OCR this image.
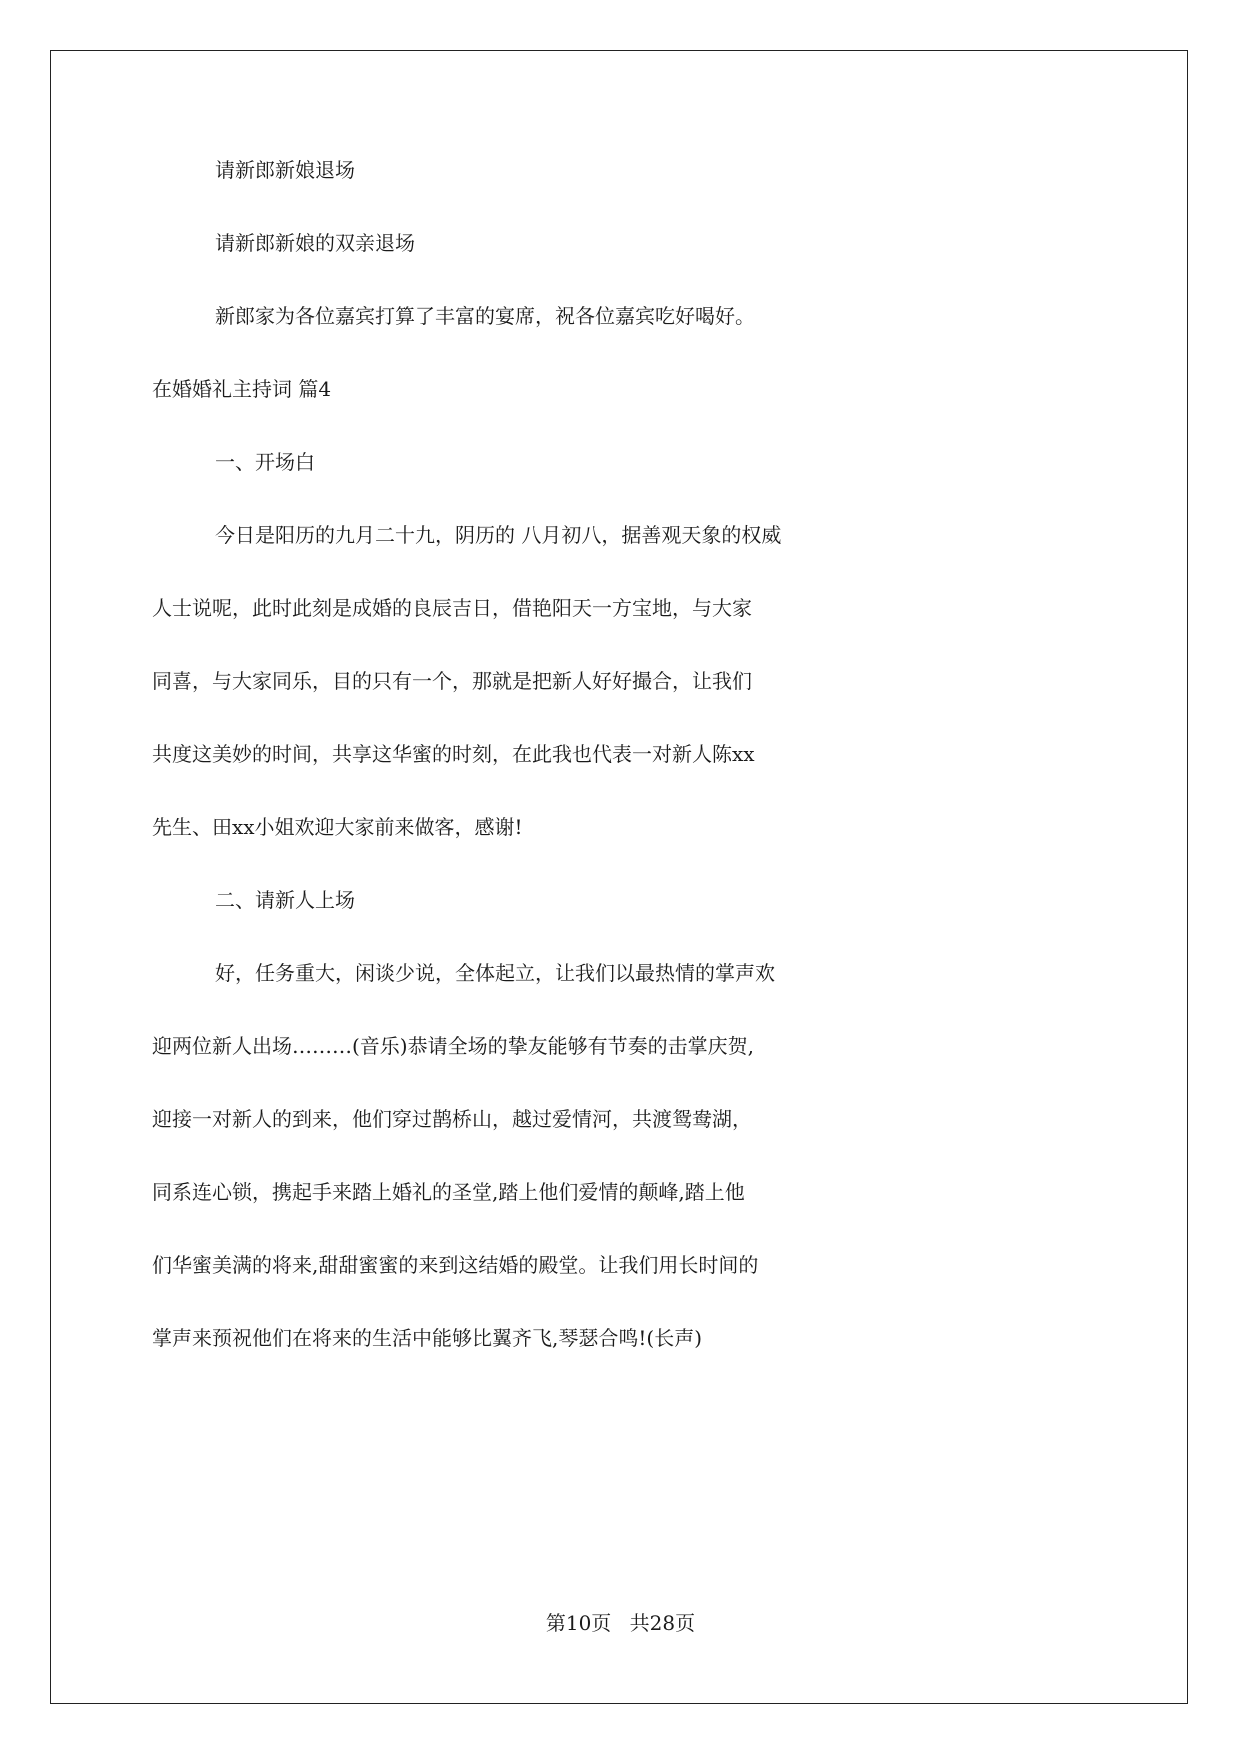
请新郎新娘退场
请新郎新娘的双亲退场
新郎家为各位嘉宾打算了丰富的宴席，祝各位嘉宾吃好喝好。
在婚婚礼主持词 篇4
一、开场白
今日是阳历的九月二十九，阴历的 八月初八，据善观天象的权威
人士说呢，此时此刻是成婚的良辰吉日，借艳阳天一方宝地，与大家
同喜，与大家同乐，目的只有一个，那就是把新人好好撮合，让我们
共度这美妙的时间，共享这华蜜的时刻，在此我也代表一对新人陈xx
先生、田xx小姐欢迎大家前来做客，感谢!
二、请新人上场
好，任务重大，闲谈少说，全体起立，让我们以最热情的掌声欢
迎两位新人出场………(音乐)恭请全场的挚友能够有节奏的击掌庆贺,
迎接一对新人的到来，他们穿过鹊桥山，越过爱情河，共渡鸳鸯湖，
同系连心锁，携起手来踏上婚礼的圣堂,踏上他们爱情的颠峰,踏上他
们华蜜美满的将来,甜甜蜜蜜的来到这结婚的殿堂。让我们用长时间的
掌声来预祝他们在将来的生活中能够比翼齐飞,琴瑟合鸣!(长声)
第10页 共28页
